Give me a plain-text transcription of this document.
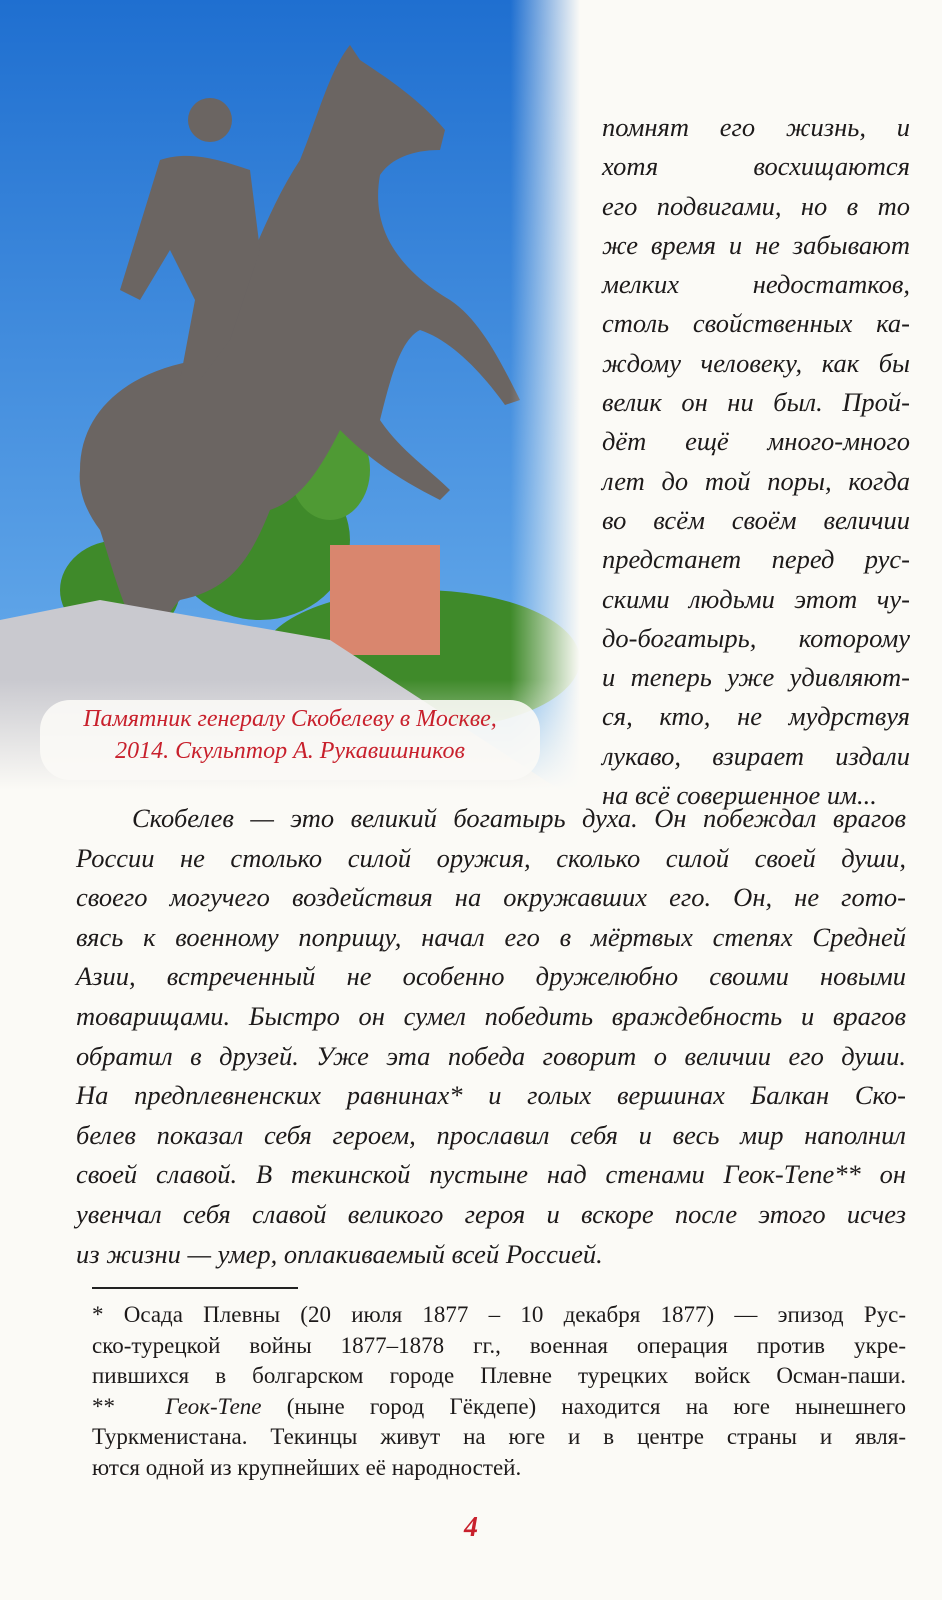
Памятник генералу Скобелеву в Москве,
2014. Скульптор А. Рукавишников
помнят его жизнь, и
хотя восхищаются
его подвигами, но в то
же время и не забывают
мелких недостатков,
столь свойственных ка-
ждому человеку, как бы
велик он ни был. Прой-
дёт ещё много-много
лет до той поры, когда
во всём своём величии
предстанет перед рус-
скими людьми этот чу-
до-богатырь, которому
и теперь уже удивляют-
ся, кто, не мудрствуя
лукаво, взирает издали
на всё совершенное им...
Скобелев — это великий богатырь духа. Он побеждал врагов
России не столько силой оружия, сколько силой своей души,
своего могучего воздействия на окружавших его. Он, не гото-
вясь к военному поприщу, начал его в мёртвых степях Средней
Азии, встреченный не особенно дружелюбно своими новыми
товарищами. Быстро он сумел победить враждебность и врагов
обратил в друзей. Уже эта победа говорит о величии его души.
На предплевненских равнинах* и голых вершинах Балкан Ско-
белев показал себя героем, прославил себя и весь мир наполнил
своей славой. В текинской пустыне над стенами Геок-Тепе** он
увенчал себя славой великого героя и вскоре после этого исчез
из жизни — умер, оплакиваемый всей Россией.
* Осада Плевны (20 июля 1877 – 10 декабря 1877) — эпизод Рус-
ско-турецкой войны 1877–1878 гг., военная операция против укре-
пившихся в болгарском городе Плевне турецких войск Осман-паши.
** Геок-Тепе (ныне город Гёкдепе) находится на юге нынешнего
Туркменистана. Текинцы живут на юге и в центре страны и явля-
ются одной из крупнейших её народностей.
4
